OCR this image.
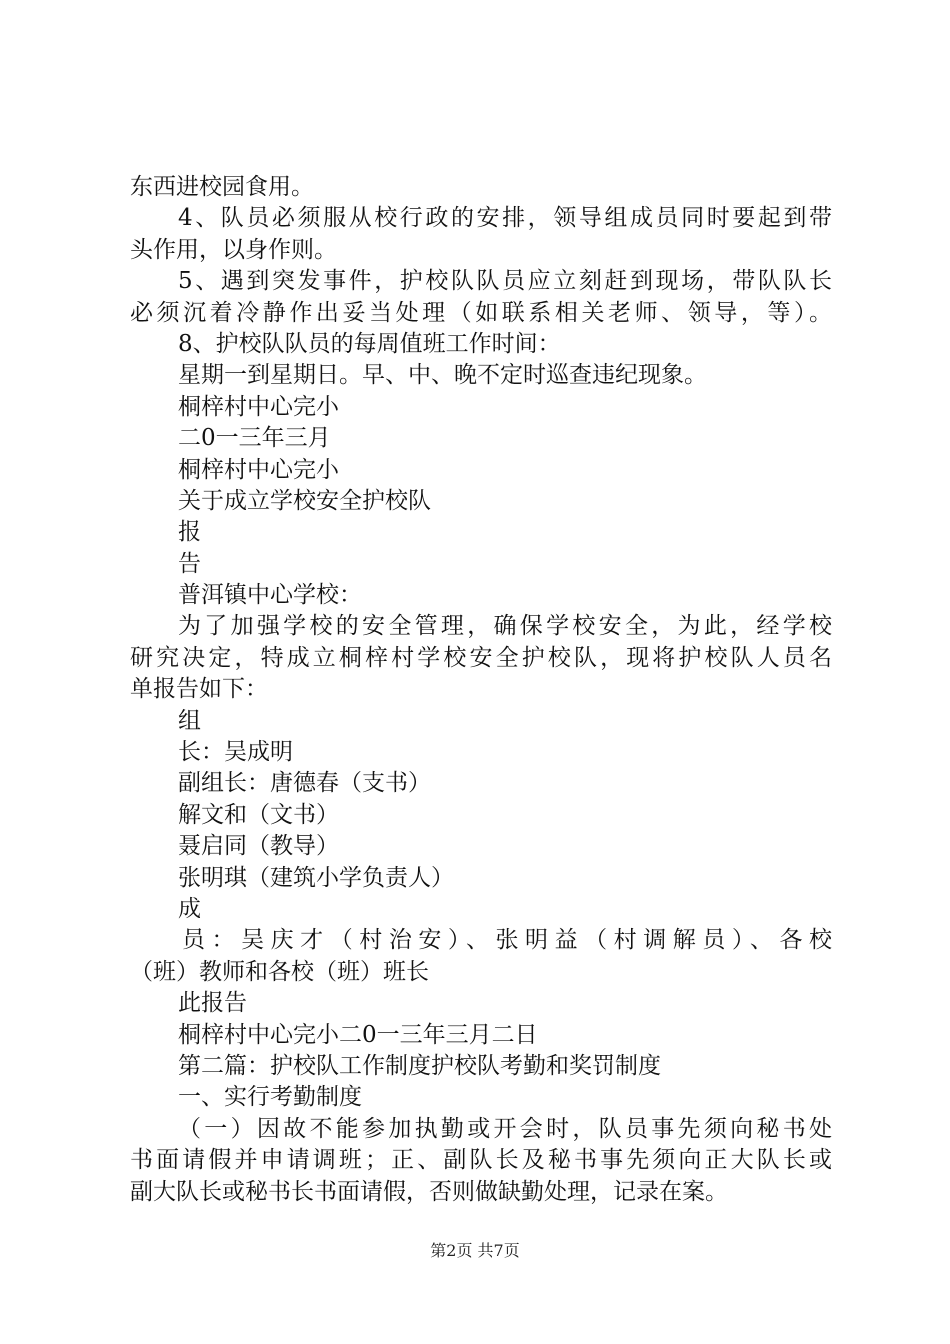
东西进校园食用。
4、队员必须服从校行政的安排，领导组成员同时要起到带
头作用，以身作则。
5、遇到突发事件，护校队队员应立刻赶到现场，带队队长
必须沉着冷静作出妥当处理（如联系相关老师、领导，等）。
8、护校队队员的每周值班工作时间：
星期一到星期日。早、中、晚不定时巡查违纪现象。
桐梓村中心完小
二0一三年三月
桐梓村中心完小
关于成立学校安全护校队
报
告
普洱镇中心学校：
为了加强学校的安全管理，确保学校安全，为此，经学校
研究决定，特成立桐梓村学校安全护校队，现将护校队人员名
单报告如下：
组
长：吴成明
副组长：唐德春（支书）
解文和（文书）
聂启同（教导）
张明琪（建筑小学负责人）
成
员：吴庆才（村治安）、张明益（村调解员）、各校
（班）教师和各校（班）班长
此报告
桐梓村中心完小二0一三年三月二日
第二篇：护校队工作制度护校队考勤和奖罚制度
一、实行考勤制度
（一）因故不能参加执勤或开会时，队员事先须向秘书处
书面请假并申请调班；正、副队长及秘书事先须向正大队长或
副大队长或秘书长书面请假，否则做缺勤处理，记录在案。
第2页 共7页
